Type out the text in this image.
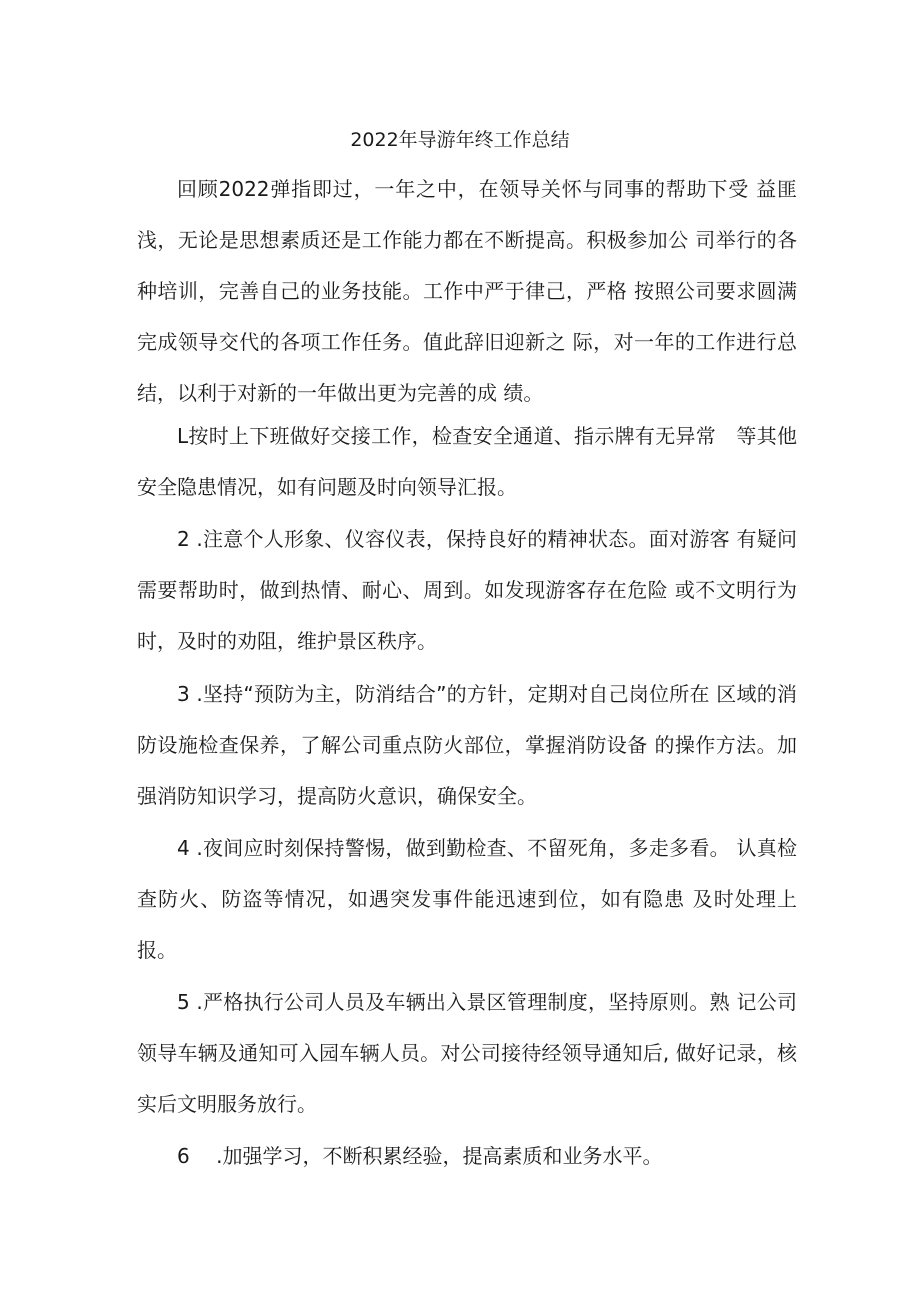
2022年导游年终工作总结

回顾2022弹指即过，一年之中，在领导关怀与同事的帮助下受 益匪浅，无论是思想素质还是工作能力都在不断提高。积极参加公 司举行的各种培训，完善自己的业务技能。工作中严于律己，严格 按照公司要求圆满完成领导交代的各项工作任务。值此辞旧迎新之 际，对一年的工作进行总结，以利于对新的一年做出更为完善的成 绩。

L按时上下班做好交接工作，检查安全通道、指示牌有无异常　等其他安全隐患情况，如有问题及时向领导汇报。

2 .注意个人形象、仪容仪表，保持良好的精神状态。面对游客 有疑问需要帮助时，做到热情、耐心、周到。如发现游客存在危险 或不文明行为时，及时的劝阻，维护景区秩序。

3 .坚持“预防为主，防消结合”的方针，定期对自己岗位所在 区域的消防设施检查保养，了解公司重点防火部位，掌握消防设备 的操作方法。加强消防知识学习，提高防火意识，确保安全。

4 .夜间应时刻保持警惕，做到勤检查、不留死角，多走多看。 认真检查防火、防盗等情况，如遇突发事件能迅速到位，如有隐患 及时处理上报。

5 .严格执行公司人员及车辆出入景区管理制度，坚持原则。熟 记公司领导车辆及通知可入园车辆人员。对公司接待经领导通知后, 做好记录，核实后文明服务放行。

6　 .加强学习，不断积累经验，提高素质和业务水平。
